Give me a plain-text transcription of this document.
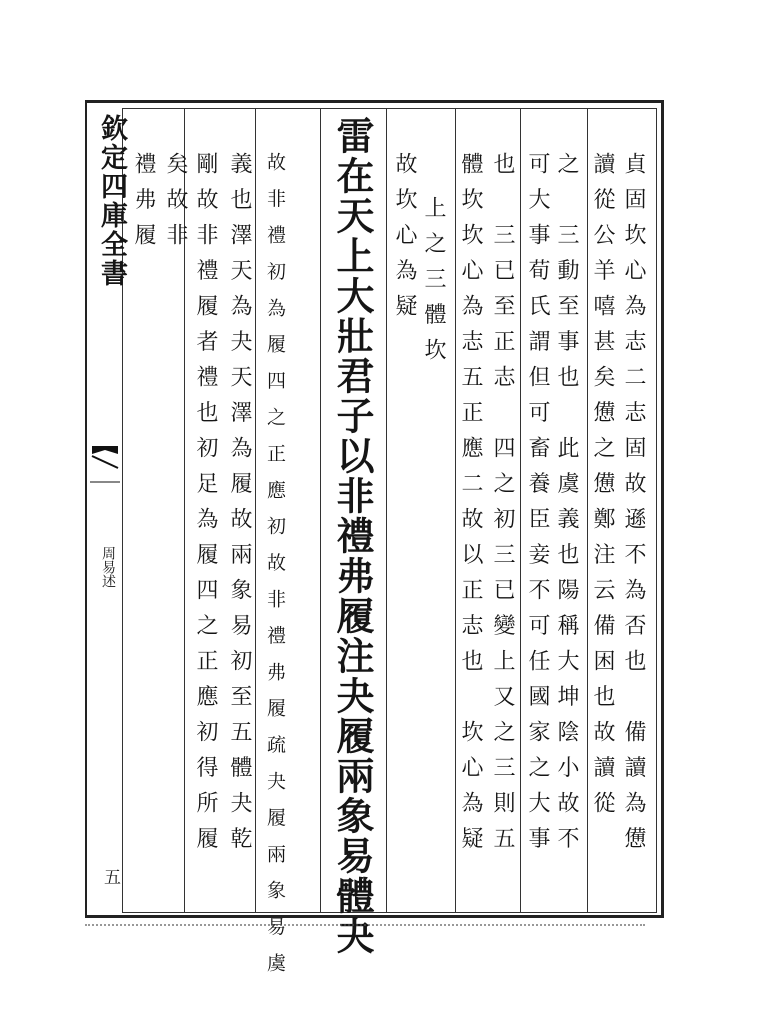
欽定四庫全書
周易述
五
貞固坎心為志二志固故遜不為否也　備讀為憊
讀從公羊嘻甚矣憊之憊鄭注云備困也故讀從
之　三動至事也　此虞義也陽稱大坤陰小故不
可大事荀氏謂但可畜養臣妾不可任國家之大事
也　三已至正志　四之初三已變上又之三則五
體坎坎心為志五正應二故以正志也　坎心為疑
上之三體坎
故坎心為疑
雷在天上大壯君子以非禮弗履注夬履兩象易體夬
故非禮初為履四之正應初故非禮弗履疏夬履兩象易虞
義也澤天為夬天澤為履故兩象易初至五體夬乾
剛故非禮履者禮也初足為履四之正應初得所履
矣故非
禮弗履
